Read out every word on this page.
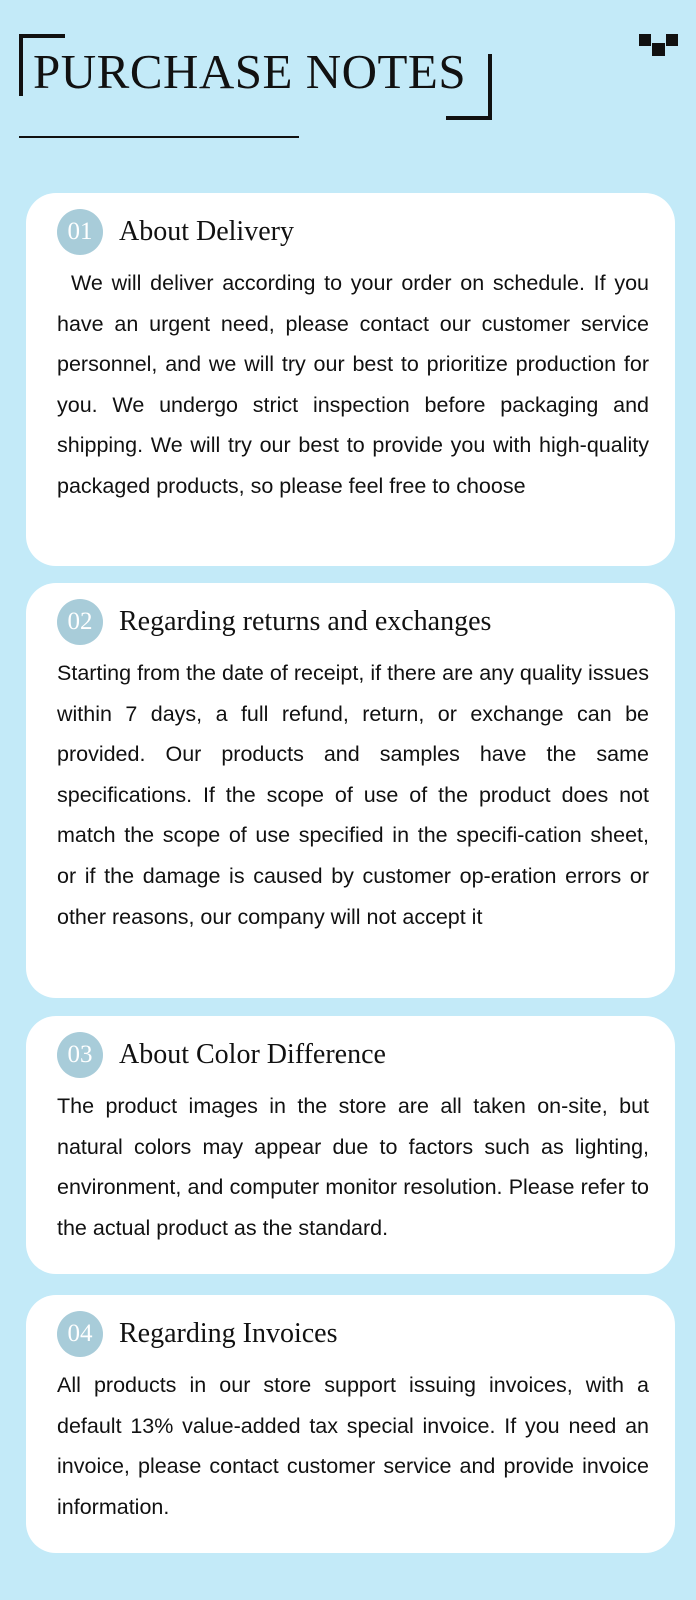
PURCHASE NOTES
01 About Delivery
We will deliver according to your order on schedule. If you have an urgent need, please contact our customer service personnel, and we will try our best to prioritize production for you. We undergo strict inspection before packaging and shipping. We will try our best to provide you with high-quality packaged products, so please feel free to choose
02 Regarding returns and exchanges
Starting from the date of receipt, if there are any quality issues within 7 days, a full refund, return, or exchange can be provided. Our products and samples have the same specifications. If the scope of use of the product does not match the scope of use specified in the specifi-cation sheet, or if the damage is caused by customer op-eration errors or other reasons, our company will not accept it
03 About Color Difference
The product images in the store are all taken on-site, but natural colors may appear due to factors such as lighting, environment, and computer monitor resolution. Please refer to the actual product as the standard.
04 Regarding Invoices
All products in our store support issuing invoices, with a default 13% value-added tax special invoice. If you need an invoice, please contact customer service and provide invoice information.
